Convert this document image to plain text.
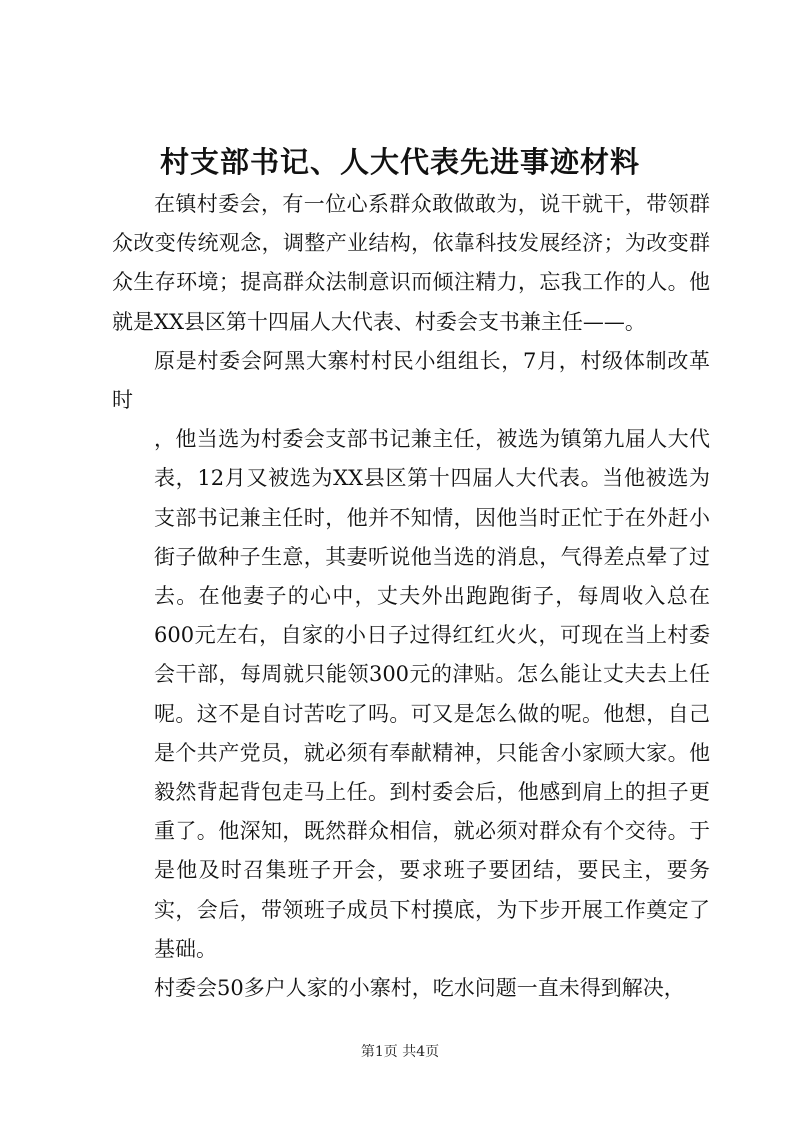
村支部书记、人大代表先进事迹材料

在镇村委会，有一位心系群众敢做敢为，说干就干，带领群众改变传统观念，调整产业结构，依靠科技发展经济；为改变群众生存环境；提高群众法制意识而倾注精力，忘我工作的人。他就是XX县区第十四届人大代表、村委会支书兼主任——。

原是村委会阿黑大寨村村民小组组长，7月，村级体制改革时

，他当选为村委会支部书记兼主任，被选为镇第九届人大代表，12月又被选为XX县区第十四届人大代表。当他被选为支部书记兼主任时，他并不知情，因他当时正忙于在外赶小街子做种子生意，其妻听说他当选的消息，气得差点晕了过去。在他妻子的心中，丈夫外出跑跑街子，每周收入总在600元左右，自家的小日子过得红红火火，可现在当上村委会干部，每周就只能领300元的津贴。怎么能让丈夫去上任呢。这不是自讨苦吃了吗。可又是怎么做的呢。他想，自己是个共产党员，就必须有奉献精神，只能舍小家顾大家。他毅然背起背包走马上任。到村委会后，他感到肩上的担子更重了。他深知，既然群众相信，就必须对群众有个交待。于是他及时召集班子开会，要求班子要团结，要民主，要务实，会后，带领班子成员下村摸底，为下步开展工作奠定了基础。

村委会50多户人家的小寨村，吃水问题一直未得到解决，

第1页 共4页
